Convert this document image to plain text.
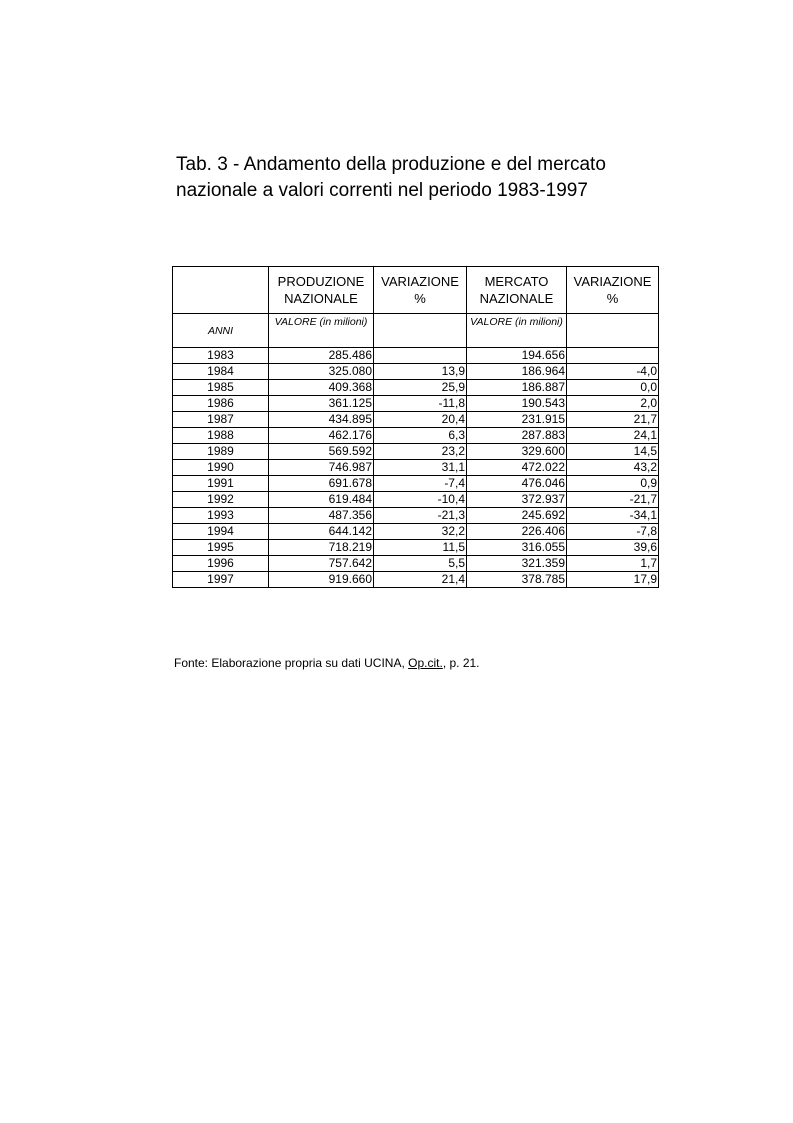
Tab. 3 - Andamento della produzione e del mercato
nazionale a valori correnti nel periodo 1983-1997
	PRODUZIONE NAZIONALE	VARIAZIONE %	MERCATO NAZIONALE	VARIAZIONE %
ANNI	VALORE (in milioni)		VALORE (in milioni)	
1983	285.486		194.656	
1984	325.080	13,9	186.964	-4,0
1985	409.368	25,9	186.887	0,0
1986	361.125	-11,8	190.543	2,0
1987	434.895	20,4	231.915	21,7
1988	462.176	6,3	287.883	24,1
1989	569.592	23,2	329.600	14,5
1990	746.987	31,1	472.022	43,2
1991	691.678	-7,4	476.046	0,9
1992	619.484	-10,4	372.937	-21,7
1993	487.356	-21,3	245.692	-34,1
1994	644.142	32,2	226.406	-7,8
1995	718.219	11,5	316.055	39,6
1996	757.642	5,5	321.359	1,7
1997	919.660	21,4	378.785	17,9
Fonte: Elaborazione propria su dati UCINA, Op.cit., p. 21.
